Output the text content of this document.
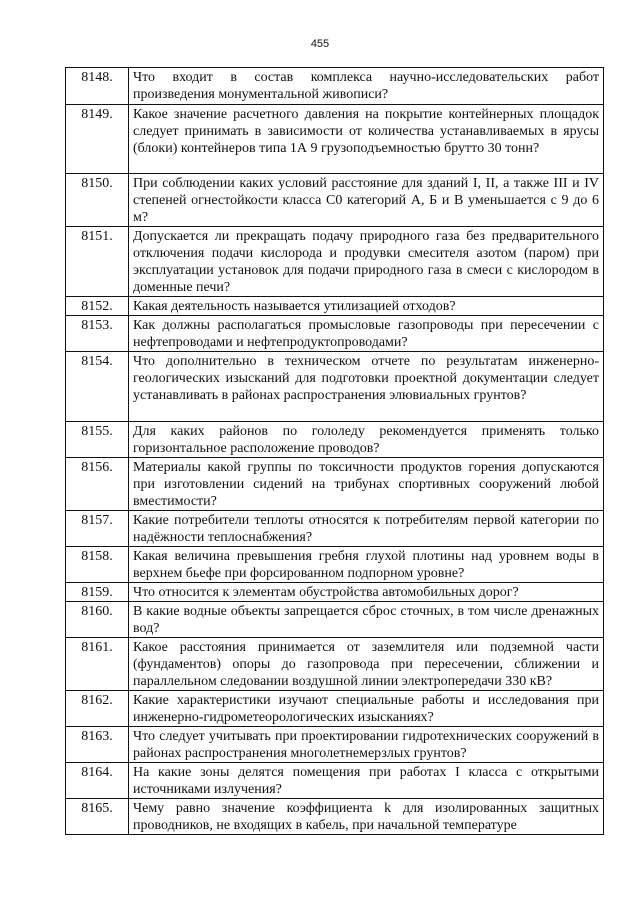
455
8148.	Что входит в состав комплекса научно-исследовательских работ произведения монументальной живописи?
8149.	Какое значение расчетного давления на покрытие контейнерных площадок следует принимать в зависимости от количества устанавливаемых в ярусы (блоки) контейнеров типа 1А 9 грузоподъемностью брутто 30 тонн?
8150.	При соблюдении каких условий расстояние для зданий I, II, а также III и IV степеней огнестойкости класса С0 категорий А, Б и В уменьшается с 9 до 6 м?
8151.	Допускается ли прекращать подачу природного газа без предварительного отключения подачи кислорода и продувки смесителя азотом (паром) при эксплуатации установок для подачи природного газа в смеси с кислородом в доменные печи?
8152.	Какая деятельность называется утилизацией отходов?
8153.	Как должны располагаться промысловые газопроводы при пересечении с нефтепроводами и нефтепродуктопроводами?
8154.	Что дополнительно в техническом отчете по результатам инженерно-геологических изысканий для подготовки проектной документации следует устанавливать в районах распространения элювиальных грунтов?
8155.	Для каких районов по гололеду рекомендуется применять только горизонтальное расположение проводов?
8156.	Материалы какой группы по токсичности продуктов горения допускаются при изготовлении сидений на трибунах спортивных сооружений любой вместимости?
8157.	Какие потребители теплоты относятся к потребителям первой категории по надёжности теплоснабжения?
8158.	Какая величина превышения гребня глухой плотины над уровнем воды в верхнем бьефе при форсированном подпорном уровне?
8159.	Что относится к элементам обустройства автомобильных дорог?
8160.	В какие водные объекты запрещается сброс сточных, в том числе дренажных вод?
8161.	Какое расстояния принимается от заземлителя или подземной части (фундаментов) опоры до газопровода при пересечении, сближении и параллельном следовании воздушной линии электропередачи 330 кВ?
8162.	Какие характеристики изучают специальные работы и исследования при инженерно-гидрометеорологических изысканиях?
8163.	Что следует учитывать при проектировании гидротехнических сооружений в районах распространения многолетнемерзлых грунтов?
8164.	На какие зоны делятся помещения при работах I класса с открытыми источниками излучения?
8165.	Чему равно значение коэффициента k для изолированных защитных проводников, не входящих в кабель, при начальной температуре
